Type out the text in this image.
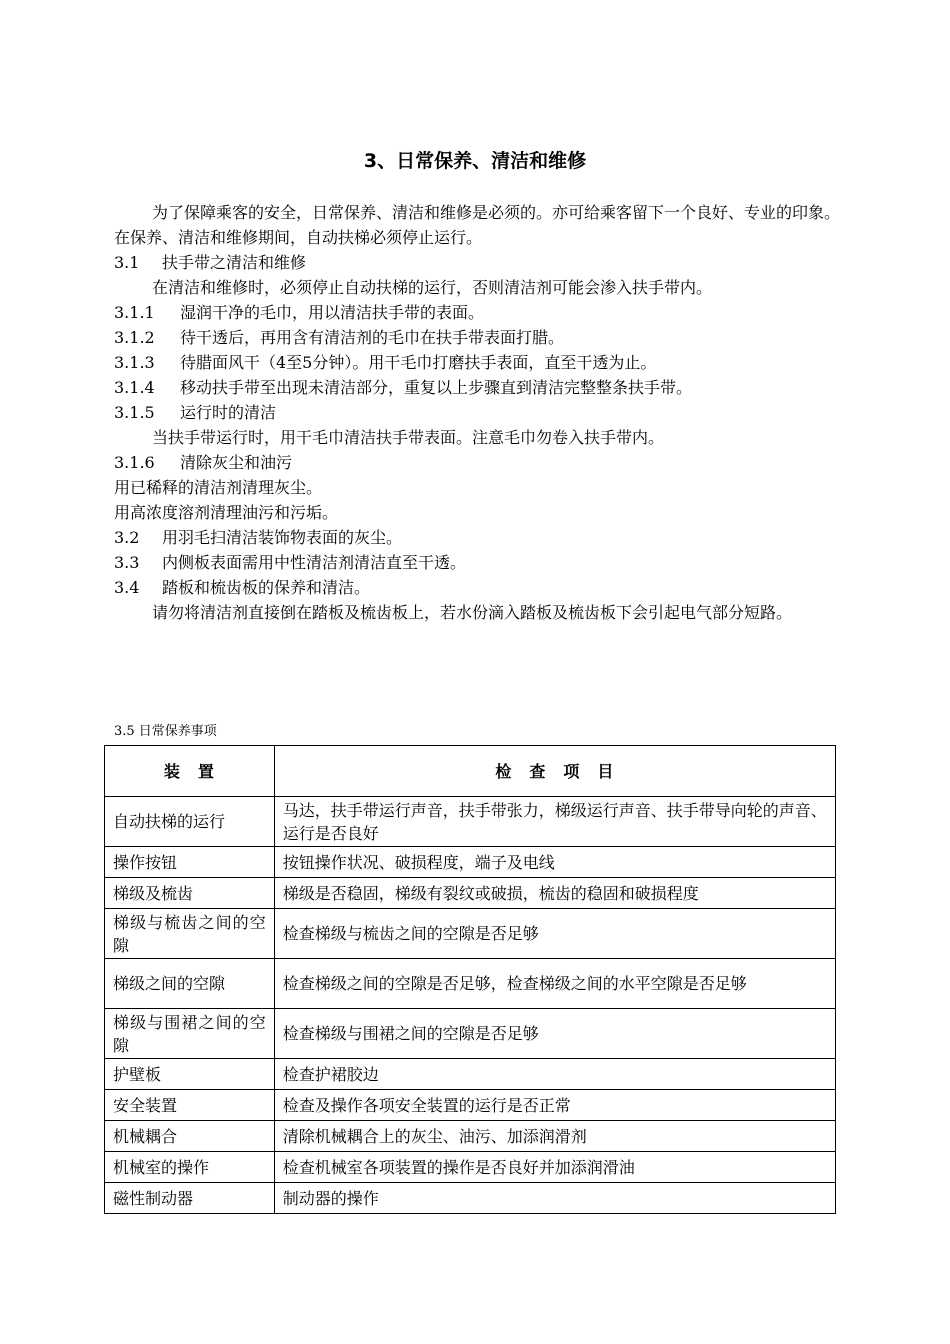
3、日常保养、清洁和维修

为了保障乘客的安全，日常保养、清洁和维修是必须的。亦可给乘客留下一个良好、专业的印象。

在保养、清洁和维修期间，自动扶梯必须停止运行。

3.1 扶手带之清洁和维修

在清洁和维修时，必须停止自动扶梯的运行，否则清洁剂可能会渗入扶手带内。

3.1.1 湿润干净的毛巾，用以清洁扶手带的表面。

3.1.2 待干透后，再用含有清洁剂的毛巾在扶手带表面打腊。

3.1.3 待腊面风干（4至5分钟）。用干毛巾打磨扶手表面，直至干透为止。

3.1.4 移动扶手带至出现未清洁部分，重复以上步骤直到清洁完整整条扶手带。

3.1.5 运行时的清洁

当扶手带运行时，用干毛巾清洁扶手带表面。注意毛巾勿卷入扶手带内。

3.1.6 清除灰尘和油污

用已稀释的清洁剂清理灰尘。

用高浓度溶剂清理油污和污垢。

3.2 用羽毛扫清洁装饰物表面的灰尘。

3.3 内侧板表面需用中性清洁剂清洁直至干透。

3.4 踏板和梳齿板的保养和清洁。

请勿将清洁剂直接倒在踏板及梳齿板上，若水份滴入踏板及梳齿板下会引起电气部分短路。

3.5 日常保养事项
装　置	检　查　项　目
自动扶梯的运行	马达，扶手带运行声音，扶手带张力，梯级运行声音、扶手带导向轮的声音、运行是否良好
操作按钮	按钮操作状况、破损程度，端子及电线
梯级及梳齿	梯级是否稳固，梯级有裂纹或破损，梳齿的稳固和破损程度
梯级与梳齿之间的空隙	检查梯级与梳齿之间的空隙是否足够
梯级之间的空隙	检查梯级之间的空隙是否足够，检查梯级之间的水平空隙是否足够
梯级与围裙之间的空隙	检查梯级与围裙之间的空隙是否足够
护壁板	检查护裙胶边
安全装置	检查及操作各项安全装置的运行是否正常
机械耦合	清除机械耦合上的灰尘、油污、加添润滑剂
机械室的操作	检查机械室各项装置的操作是否良好并加添润滑油
磁性制动器	制动器的操作
